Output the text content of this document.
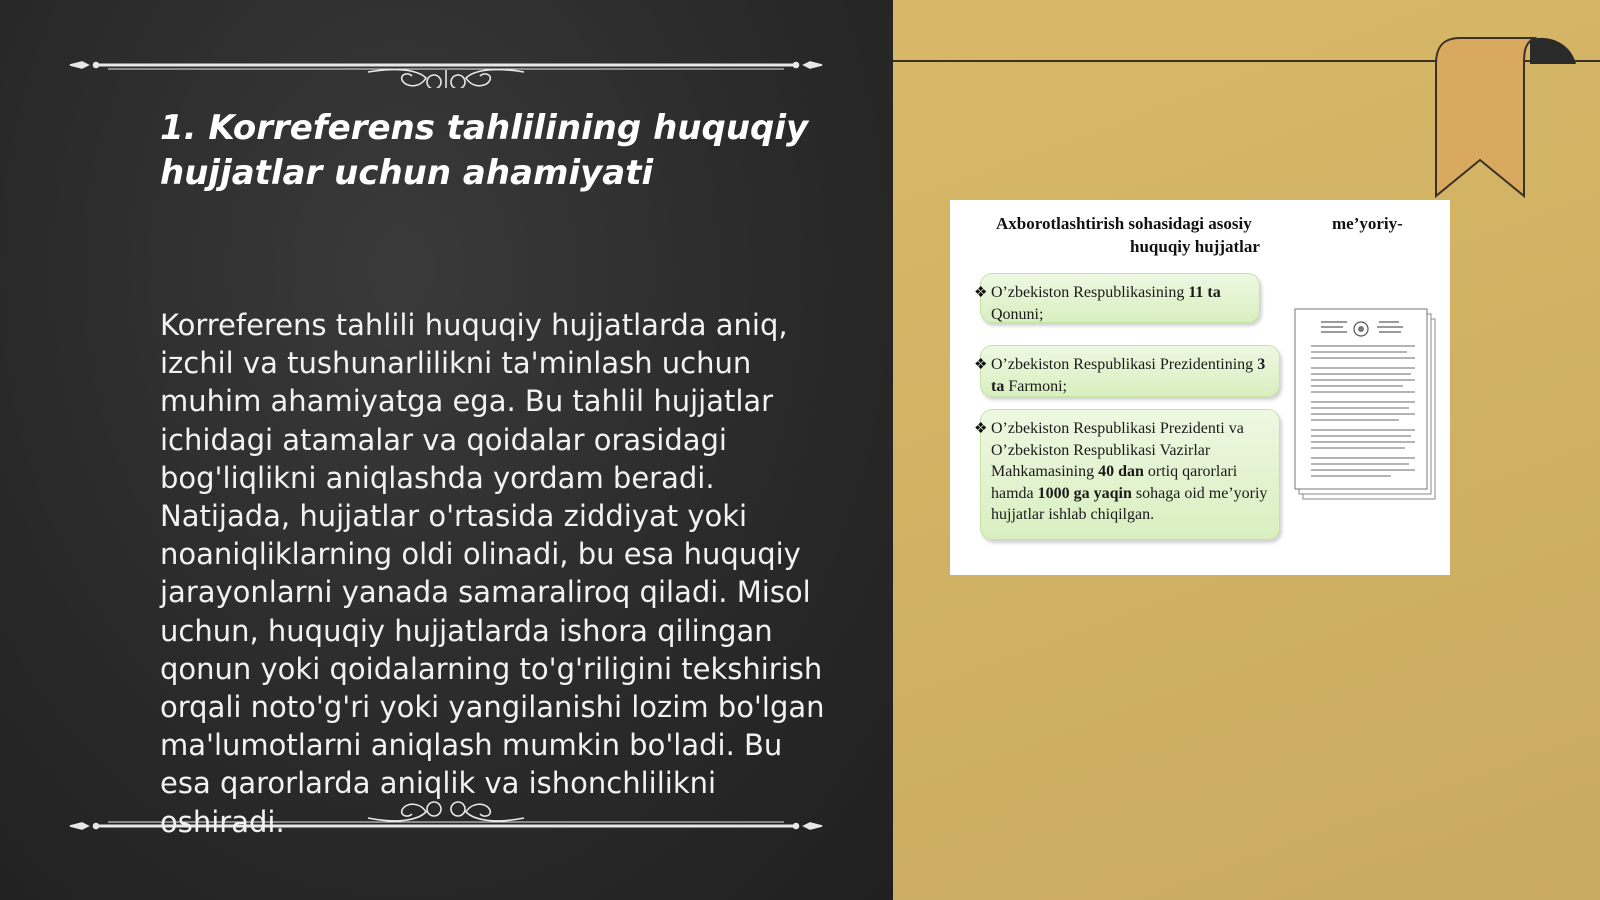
1. Korreferens tahlilining huquqiy hujjatlar uchun ahamiyati

Korreferens tahlili huquqiy hujjatlarda aniq, izchil va tushunarlilikni ta'minlash uchun muhim ahamiyatga ega. Bu tahlil hujjatlar ichidagi atamalar va qoidalar orasidagi bog'liqlikni aniqlashda yordam beradi. Natijada, hujjatlar o'rtasida ziddiyat yoki noaniqliklarning oldi olinadi, bu esa huquqiy jarayonlarni yanada samaraliroq qiladi. Misol uchun, huquqiy hujjatlarda ishora qilingan qonun yoki qoidalarning to'g'riligini tekshirish orqali noto'g'ri yoki yangilanishi lozim bo'lgan ma'lumotlarni aniqlash mumkin bo'ladi. Bu esa qarorlarda aniqlik va ishonchlilikni oshiradi.

Axborotlashtirish sohasidagi asosiy	me’yoriy-
huquqiy hujjatlar
❖ O’zbekiston Respublikasining 11 ta Qonuni;
❖ O’zbekiston Respublikasi Prezidentining 3 ta Farmoni;
❖ O’zbekiston Respublikasi Prezidenti va O’zbekiston Respublikasi Vazirlar Mahkamasining 40 dan ortiq qarorlari hamda 1000 ga yaqin sohaga oid me’yoriy hujjatlar ishlab chiqilgan.
